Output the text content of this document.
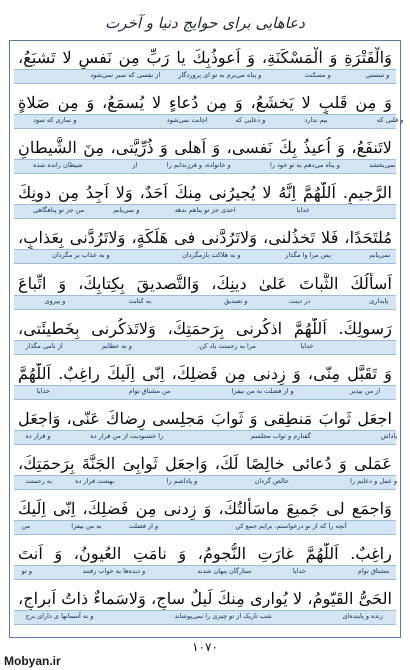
دعاهایی برای حوایج دنیا و آخرت
وَالْفَتْرَةِ وَ الْمَسْكَنَةِ، وَ اَعوذُبِكَ يا رَبِّ مِن نَفسٍ لا تَشبَعُ،
و سستی
و مسکنت
و پناه می‌برم به تو ای پروردگار
از نفسی که سیر نمی‌شود
وَ مِن قَلبٍ لا يَخشَعُ، وَ مِن دُعاءٍ لا يُسمَعُ، وَ مِن صَلاةٍ
و قلبی که
بیم ندارد
و دعایی که
اجابت نمی‌شود
و نمازی که سود
لاتَنفَعُ، وَ اُعيذُ بِكَ نَفسى، وَ اَهلى وَ ذُرِّيَّتى، مِنَ الشَّيطانِ
نمی‌بخشد
و پناه می‌دهم به تو خود را
و خانواده، و فرزندانم را
از
شیطان رانده شده
الرَّجيمِ. اَللّٰهُمَّ اِنَّهُ لا يُجيرُنى مِنكَ اَحَدٌ، وَلا اَجِدُ مِن دونِكَ
خدایا
احدی جز تو پناهم ندهد
و نمی‌یابم
من جز تو پناهگاهی
مُلتَحَدًا، فَلا تَخذُلنى، وَلاتَرُدَّنى فى هَلَكَةٍ، وَلاتَرُدَّنى بِعَذابٍ،
نمی‌یابم
پس مرا وا مگذار
و به هلاکت بازمگردان
و به عذاب بر مگردان
اَسأَلُكَ الثَّباتَ عَلىٰ دينِكَ، وَالتَّصديقَ بِكِتابِكَ، وَ اتِّباعَ
پایداری
در دینت
و تصدیق
به کتابت
و پیروی
رَسولِكَ. اَللّٰهُمَّ اذكُرنى بِرَحمَتِكَ، وَلاتَذكُرنى بِخَطيئَتى،
خدایا
مرا به رحمتت یاد کن،
و به خطایم
از نامی مگذار
وَ تَقَبَّل مِنّى، وَ زِدنى مِن فَضلِكَ، اِنّى اِلَيكَ راغِبٌ. اَللّٰهُمَّ
از من بپذیر
و از فضلت به من بیفزا
من مشتاق توام
خدایا
اجعَل ثَوابَ مَنطِقى وَ ثَوابَ مَجلِسى رِضاكَ عَنّى، وَاجعَل
پاداش
گفتارم و ثواب مجلسم
را خشنودیت از من قرار ده
و قرار ده
عَمَلى وَ دُعائى خالِصًا لَكَ، وَاجعَل ثَوابِىَ الجَنَّةَ بِرَحمَتِكَ،
و عمل و دعایم را
خالص گردان
و پاداشم را
بهشت قرار ده
به رحمتت
وَاجمَع لى جَميعَ ماسَأَلتُكَ، وَ زِدنى مِن فَضلِكَ، اِنّى اِلَيكَ
آنچه را که از تو درخواستم، برایم جمع کن
و از فضلت
به من بیفزا
من
راغِبٌ. اَللّٰهُمَّ غارَتِ النُّجومُ، وَ نامَتِ العُيونُ، وَ اَنتَ
مشتاق توام
خدایا
ستارگان پنهان شدند
و دیده‌ها به خواب رفتند
و تو
الحَىُّ القَيّومُ، لا يُوارى مِنكَ لَيلٌ ساجٍ، وَلاسَماءٌ ذاتُ اَبراجٍ،
زنده و پاینده‌ای
شب تاریک از تو چیزی را نمی‌پوشاند
و نه آسمانها ی دارای برج
۱۰۷۰
Mobyan.ir
